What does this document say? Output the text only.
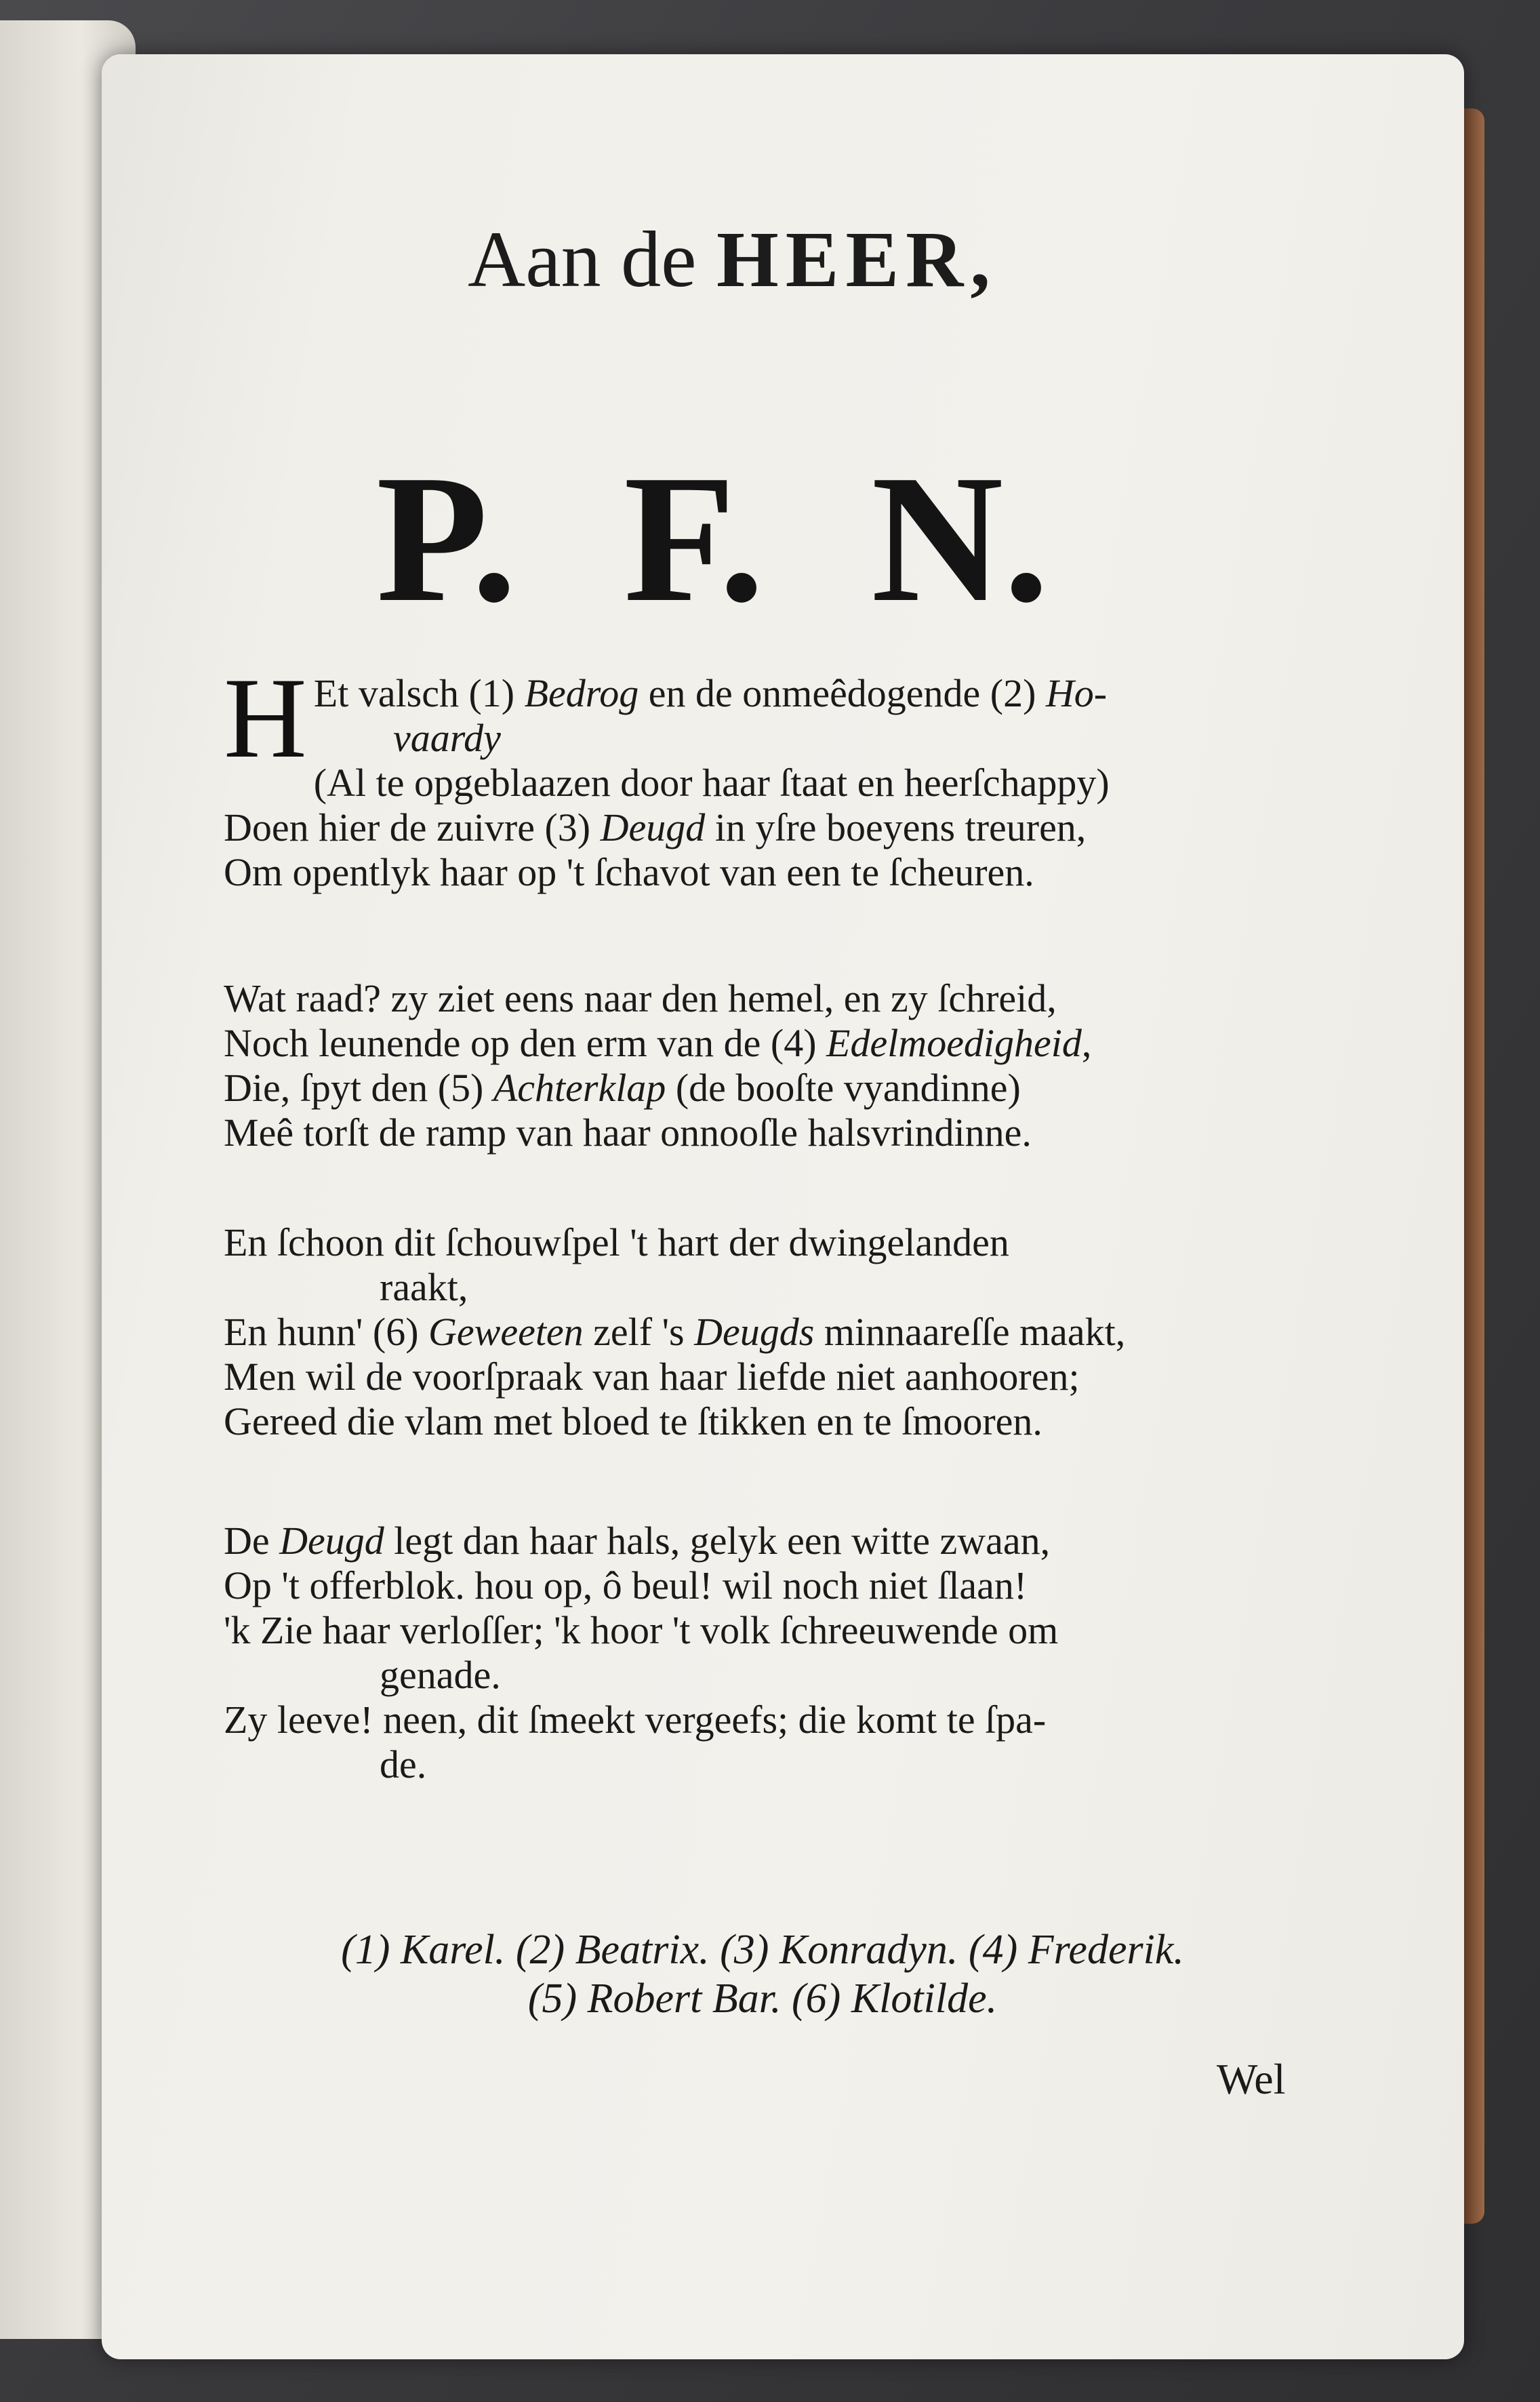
Aan de HEER,
P. F. N.
H Et valsch (1) Bedrog en de onmeêdogende (2) Ho-
vaardy
(Al te opgeblaazen door haar ſtaat en heerſchappy)
Doen hier de zuivre (3) Deugd in yſre boeyens treuren,
Om opentlyk haar op 't ſchavot van een te ſcheuren.
Wat raad? zy ziet eens naar den hemel, en zy ſchreid,
Noch leunende op den erm van de (4) Edelmoedigheid,
Die, ſpyt den (5) Achterklap (de booſte vyandinne)
Meê torſt de ramp van haar onnooſle halsvrindinne.
En ſchoon dit ſchouwſpel 't hart der dwingelanden
raakt,
En hunn' (6) Geweeten zelf 's Deugds minnaareſſe maakt,
Men wil de voorſpraak van haar liefde niet aanhooren;
Gereed die vlam met bloed te ſtikken en te ſmooren.
De Deugd legt dan haar hals, gelyk een witte zwaan,
Op 't offerblok. hou op, ô beul! wil noch niet ſlaan!
'k Zie haar verloſſer; 'k hoor 't volk ſchreeuwende om
genade.
Zy leeve! neen, dit ſmeekt vergeefs; die komt te ſpa-
de.
(1) Karel. (2) Beatrix. (3) Konradyn. (4) Frederik.
(5) Robert Bar. (6) Klotilde.
Wel
